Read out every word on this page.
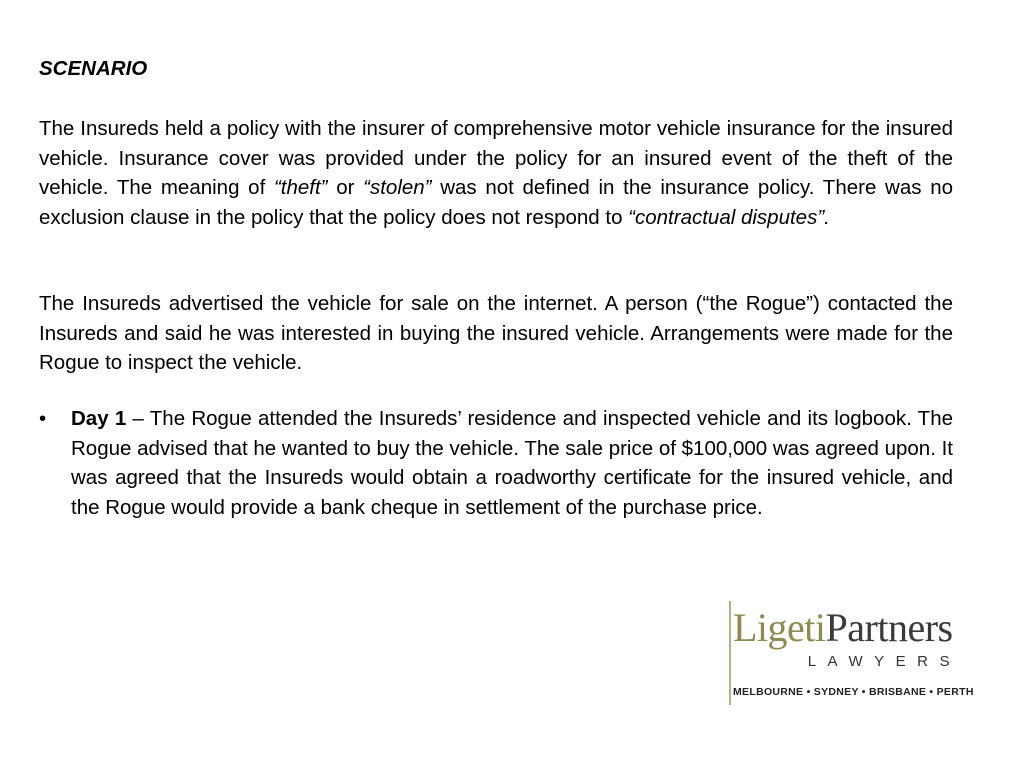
SCENARIO

The Insureds held a policy with the insurer of comprehensive motor vehicle insurance for the insured vehicle. Insurance cover was provided under the policy for an insured event of the theft of the vehicle. The meaning of “theft” or “stolen” was not defined in the insurance policy. There was no exclusion clause in the policy that the policy does not respond to “contractual disputes”.

The Insureds advertised the vehicle for sale on the internet. A person (“the Rogue”) contacted the Insureds and said he was interested in buying the insured vehicle. Arrangements were made for the Rogue to inspect the vehicle.

• Day 1 – The Rogue attended the Insureds’ residence and inspected vehicle and its logbook. The Rogue advised that he wanted to buy the vehicle. The sale price of $100,000 was agreed upon. It was agreed that the Insureds would obtain a roadworthy certificate for the insured vehicle, and the Rogue would provide a bank cheque in settlement of the purchase price.
LigetiPartners
LAWYERS
MELBOURNE • SYDNEY • BRISBANE • PERTH
